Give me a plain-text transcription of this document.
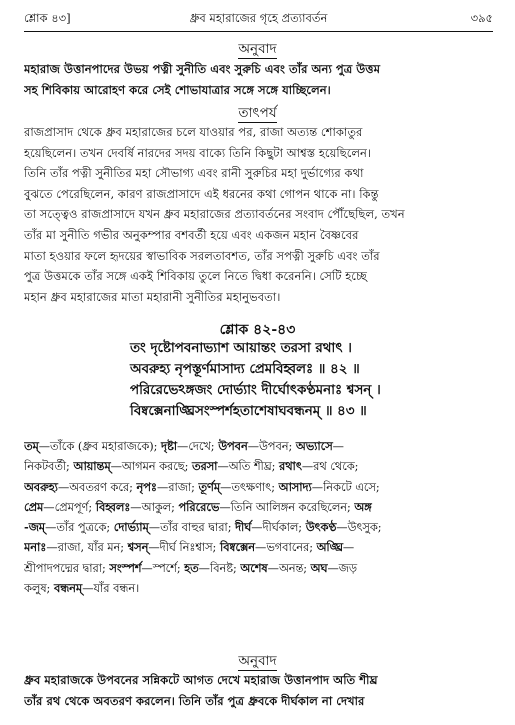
শ্লোক ৪৩]	ধ্রুব মহারাজের গৃহে প্রত্যাবর্তন	৩৯৫
অনুবাদ
মহারাজ উত্তানপাদের উভয় পত্নী সুনীতি এবং সুরুচি এবং তাঁর অন্য পুত্র উত্তম
সহ শিবিকায় আরোহণ করে সেই শোভাযাত্রার সঙ্গে সঙ্গে যাচ্ছিলেন।
তাৎপর্য
রাজপ্রাসাদ থেকে ধ্রুব মহারাজের চলে যাওয়ার পর, রাজা অত্যন্ত শোকাতুর
হয়েছিলেন। তখন দেবর্ষি নারদের সদয় বাক্যে তিনি কিছুটা আশ্বস্ত হয়েছিলেন।
তিনি তাঁর পত্নী সুনীতির মহা সৌভাগ্য এবং রানী সুরুচির মহা দুর্ভাগ্যের কথা
বুঝতে পেরেছিলেন, কারণ রাজপ্রাসাদে এই ধরনের কথা গোপন থাকে না। কিন্তু
তা সত্ত্বেও রাজপ্রাসাদে যখন ধ্রুব মহারাজের প্রত্যাবর্তনের সংবাদ পৌঁছেছিল, তখন
তাঁর মা সুনীতি গভীর অনুকম্পার বশবর্তী হয়ে এবং একজন মহান বৈষ্ণবের
মাতা হওয়ার ফলে হৃদয়ের স্বাভাবিক সরলতাবশত, তাঁর সপত্নী সুরুচি এবং তাঁর
পুত্র উত্তমকে তাঁর সঙ্গে একই শিবিকায় তুলে নিতে দ্বিধা করেননি। সেটি হচ্ছে
মহান ধ্রুব মহারাজের মাতা মহারানী সুনীতির মহানুভবতা।
শ্লোক ৪২-৪৩
তং দৃষ্টোপবনাভ্যাশ আয়ান্তং তরসা রথাৎ ।
অবরুহ্য নৃপস্তূর্ণমাসাদ্য প্রেমবিহ্বলঃ ॥ ৪২ ॥
পরিরেভেঽঙ্গজং দোর্ভ্যাং দীর্ঘোৎকণ্ঠমনাঃ শ্বসন্ ।
বিষ্বক্সেনাঙ্ঘ্রিসংস্পর্শহতাশেষাঘবন্ধনম্ ॥ ৪৩ ॥
তম্—তাঁকে (ধ্রুব মহারাজকে); দৃষ্টা—দেখে; উপবন—উপবন; অভ্যাসে—
নিকটবর্তী; আয়ান্তম্—আগমন করছে; তরসা—অতি শীঘ্র; রথাৎ—রথ থেকে;
অবরুহ্য—অবতরণ করে; নৃপঃ—রাজা; তূর্ণম্—তৎক্ষণাৎ; আসাদ্য—নিকটে এসে;
প্রেম—প্রেমপূর্ণ; বিহ্বলঃ—আকুল; পরিরেভে—তিনি আলিঙ্গন করেছিলেন; অঙ্গ
-জম্—তাঁর পুত্রকে; দোর্ভ্যাম্—তাঁর বাহুর দ্বারা; দীর্ঘ—দীর্ঘকাল; উৎকণ্ঠ—উৎসুক;
মনাঃ—রাজা, যাঁর মন; শ্বসন্—দীর্ঘ নিঃশ্বাস; বিষ্বক্সেন—ভগবানের; অঙ্ঘ্রি—
শ্রীপাদপদ্মের দ্বারা; সংস্পর্শ—স্পর্শে; হত—বিনষ্ট; অশেষ—অনন্ত; অঘ—জড়
কলুষ; বন্ধনম্—যাঁর বন্ধন।
অনুবাদ
ধ্রুব মহারাজকে উপবনের সন্নিকটে আগত দেখে মহারাজ উত্তানপাদ অতি শীঘ্র
তাঁর রথ থেকে অবতরণ করলেন। তিনি তাঁর পুত্র ধ্রুবকে দীর্ঘকাল না দেখার
